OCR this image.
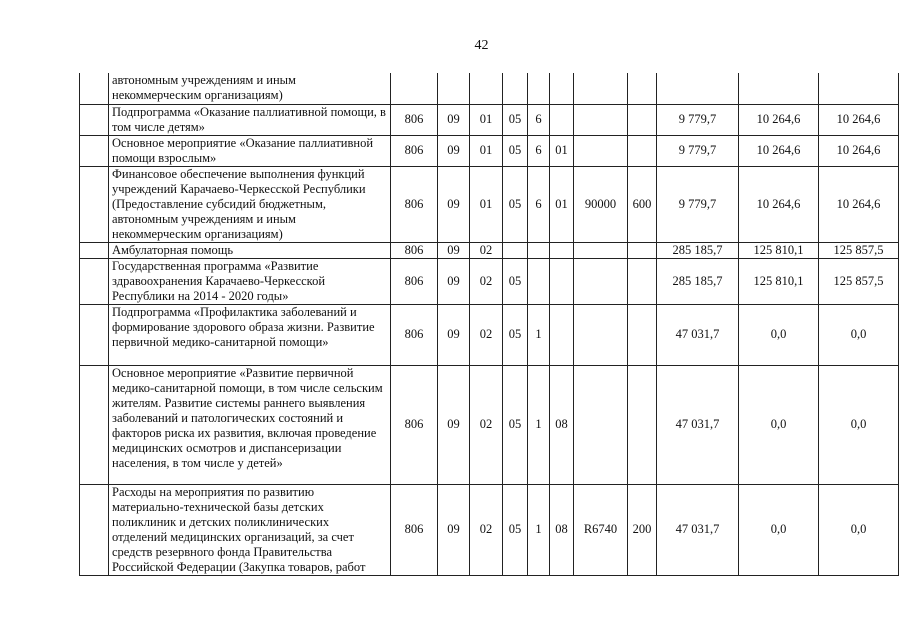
42
	автономным учреждениям и иным некоммерческим организациям)											
	Подпрограмма «Оказание паллиативной помощи, в том числе детям»	806	09	01	05	6				9 779,7	10 264,6	10 264,6
	Основное мероприятие «Оказание паллиативной помощи взрослым»	806	09	01	05	6	01			9 779,7	10 264,6	10 264,6
	Финансовое обеспечение выполнения функций учреждений Карачаево-Черкесской Республики (Предоставление субсидий бюджетным, автономным учреждениям и иным некоммерческим организациям)	806	09	01	05	6	01	90000	600	9 779,7	10 264,6	10 264,6
	Амбулаторная помощь	806	09	02						285 185,7	125 810,1	125 857,5
	Государственная программа «Развитие здравоохранения Карачаево-Черкесской Республики на 2014 - 2020 годы»	806	09	02	05					285 185,7	125 810,1	125 857,5
	Подпрограмма «Профилактика заболеваний и формирование здорового образа жизни. Развитие первичной медико-санитарной помощи»	806	09	02	05	1				47 031,7	0,0	0,0
	Основное мероприятие «Развитие первичной медико-санитарной помощи, в том числе сельским жителям. Развитие системы раннего выявления заболеваний и патологических состояний и факторов риска их развития, включая проведение медицинских осмотров и диспансеризации населения, в том числе у детей»	806	09	02	05	1	08			47 031,7	0,0	0,0
	Расходы на мероприятия по развитию материально-технической базы детских поликлиник и детских поликлинических отделений медицинских организаций, за счет средств резервного фонда Правительства Российской Федерации (Закупка товаров, работ	806	09	02	05	1	08	R6740	200	47 031,7	0,0	0,0
